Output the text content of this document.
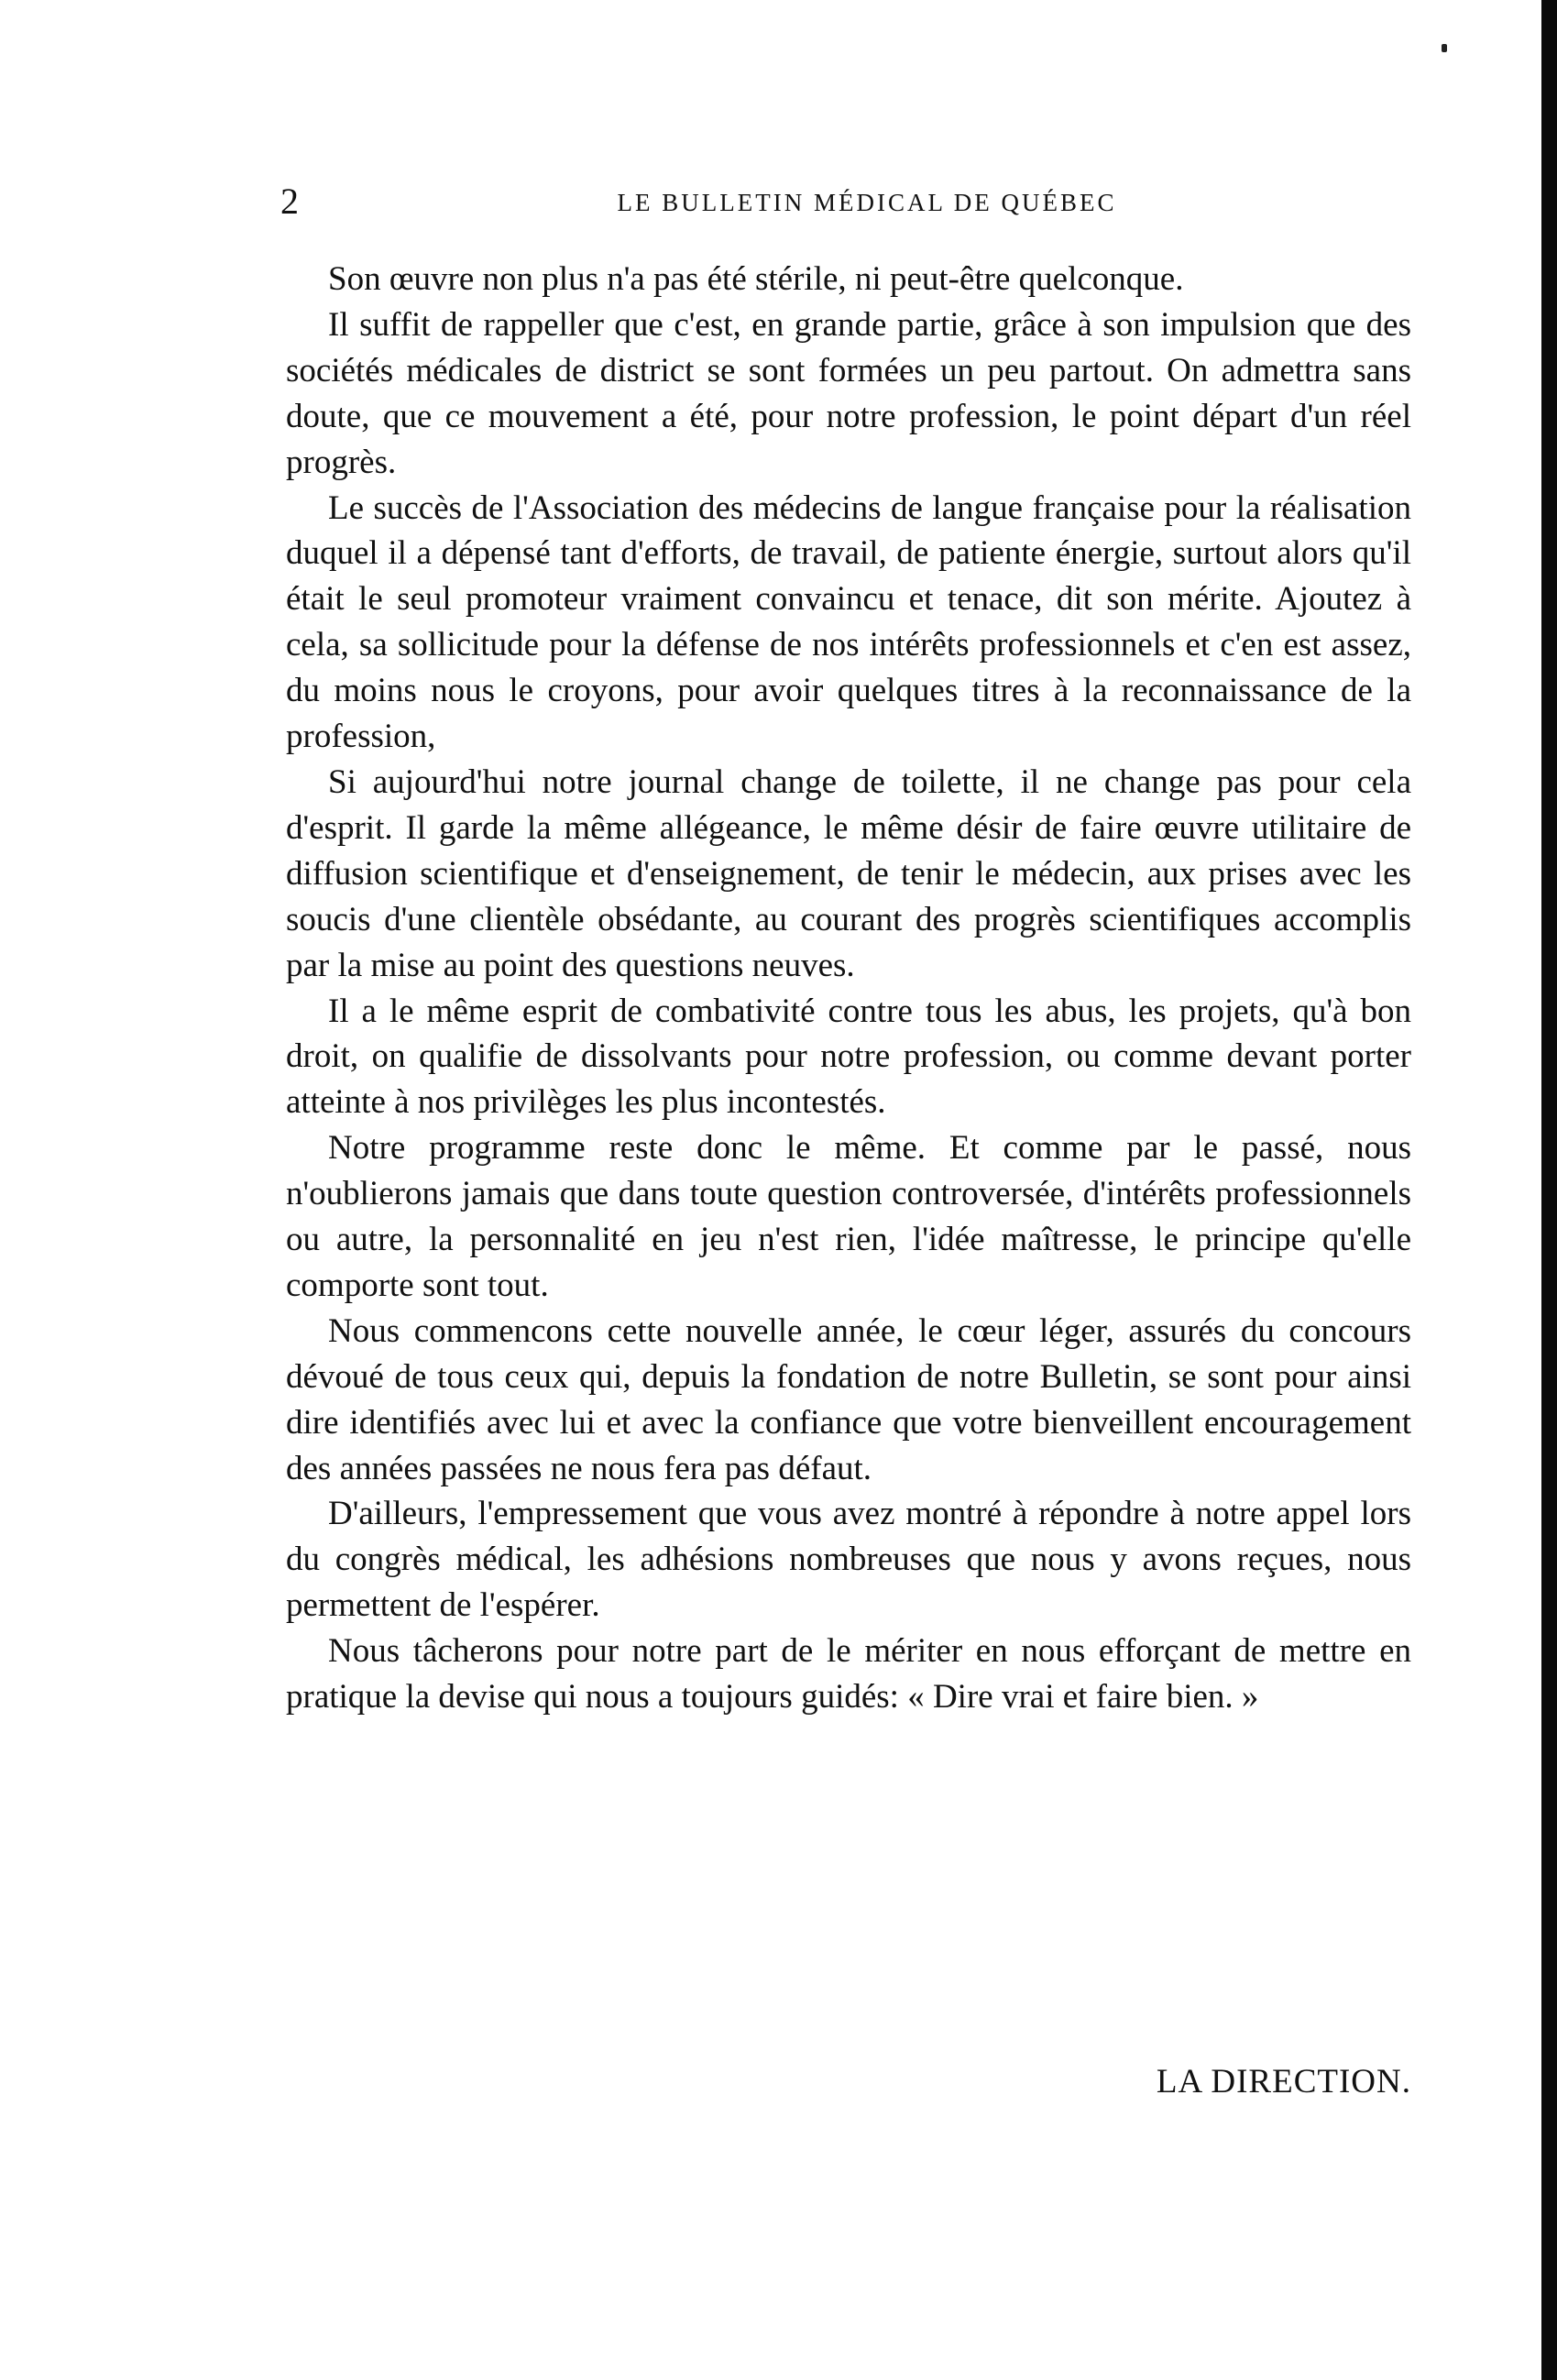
2	LE BULLETIN MÉDICAL DE QUÉBEC

Son œuvre non plus n'a pas été stérile, ni peut-être quelconque.

Il suffit de rappeller que c'est, en grande partie, grâce à son impulsion que des sociétés médicales de district se sont formées un peu partout. On admettra sans doute, que ce mouvement a été, pour notre profession, le point départ d'un réel progrès.

Le succès de l'Association des médecins de langue française pour la réalisation duquel il a dépensé tant d'efforts, de travail, de patiente énergie, surtout alors qu'il était le seul promoteur vraiment convaincu et tenace, dit son mérite. Ajoutez à cela, sa sollicitude pour la défense de nos intérêts professionnels et c'en est assez, du moins nous le croyons, pour avoir quelques titres à la reconnaissance de la profession,

Si aujourd'hui notre journal change de toilette, il ne change pas pour cela d'esprit. Il garde la même allégeance, le même désir de faire œuvre utilitaire de diffusion scientifique et d'enseignement, de tenir le médecin, aux prises avec les soucis d'une clientèle obsédante, au courant des progrès scientifiques accomplis par la mise au point des questions neuves.

Il a le même esprit de combativité contre tous les abus, les projets, qu'à bon droit, on qualifie de dissolvants pour notre profession, ou comme devant porter atteinte à nos privilèges les plus incontestés.

Notre programme reste donc le même. Et comme par le passé, nous n'oublierons jamais que dans toute question controversée, d'intérêts professionnels ou autre, la personnalité en jeu n'est rien, l'idée maîtresse, le principe qu'elle comporte sont tout.

Nous commencons cette nouvelle année, le cœur léger, assurés du concours dévoué de tous ceux qui, depuis la fondation de notre Bulletin, se sont pour ainsi dire identifiés avec lui et avec la confiance que votre bienveillent encouragement des années passées ne nous fera pas défaut.

D'ailleurs, l'empressement que vous avez montré à répondre à notre appel lors du congrès médical, les adhésions nombreuses que nous y avons reçues, nous permettent de l'espérer.

Nous tâcherons pour notre part de le mériter en nous efforçant de mettre en pratique la devise qui nous a toujours guidés: « Dire vrai et faire bien. »

LA DIRECTION.
